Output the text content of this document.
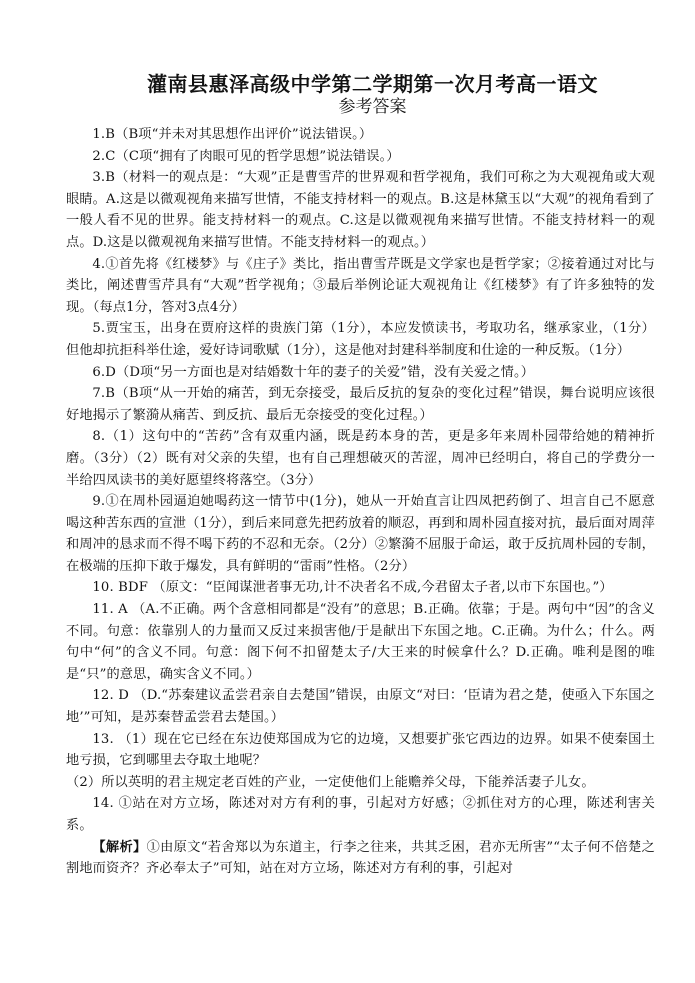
灌南县惠泽高级中学第二学期第一次月考高一语文
参考答案

1.B（B项“并未对其思想作出评价”说法错误。）

2.C（C项“拥有了肉眼可见的哲学思想”说法错误。）

3.B（材料一的观点是：“大观”正是曹雪芹的世界观和哲学视角，我们可称之为大观视角或大观眼睛。A.这是以微观视角来描写世情，不能支持材料一的观点。B.这是林黛玉以“大观”的视角看到了一般人看不见的世界。能支持材料一的观点。C.这是以微观视角来描写世情。不能支持材料一的观点。D.这是以微观视角来描写世情。不能支持材料一的观点。）

4.①首先将《红楼梦》与《庄子》类比，指出曹雪芹既是文学家也是哲学家；②接着通过对比与类比，阐述曹雪芹具有“大观”哲学视角；③最后举例论证大观视角让《红楼梦》有了许多独特的发现。（每点1分，答对3点4分）

5.贾宝玉，出身在贾府这样的贵族门第（1分），本应发愤读书，考取功名，继承家业，（1分）但他却抗拒科举仕途，爱好诗词歌赋（1分），这是他对封建科举制度和仕途的一种反叛。（1分）

6.D（D项“另一方面也是对结婚数十年的妻子的关爱”错，没有关爱之情。）

7.B（B项“从一开始的痛苦，到无奈接受，最后反抗的复杂的变化过程”错误，舞台说明应该很好地揭示了繁漪从痛苦、到反抗、最后无奈接受的变化过程。）

8.（1）这句中的“苦药”含有双重内涵，既是药本身的苦，更是多年来周朴园带给她的精神折磨。（3分）（2）既有对父亲的失望，也有自己理想破灭的苦涩，周冲已经明白，将自己的学费分一半给四凤读书的美好愿望终将落空。（3分）

9.①在周朴园逼迫她喝药这一情节中(1分)，她从一开始直言让四凤把药倒了、坦言自己不愿意喝这种苦东西的宣泄（1分），到后来同意先把药放着的顺忍，再到和周朴园直接对抗，最后面对周萍和周冲的恳求而不得不喝下药的不忍和无奈。（2分）②繁漪不屈服于命运，敢于反抗周朴园的专制，在极端的压抑下敢于爆发，具有鲜明的“雷雨”性格。（2分）

10. BDF （原文：“臣闻谋泄者事无功,计不决者名不成,今君留太子者,以市下东国也。”）

11. A （A.不正确。两个含意相同都是“没有”的意思；B.正确。依靠；于是。两句中“因”的含义不同。句意：依靠别人的力量而又反过来损害他/于是献出下东国之地。C.正确。为什么；什么。两句中“何”的含义不同。句意：阁下何不扣留楚太子/大王来的时候拿什么？D.正确。唯利是图的唯是“只”的意思，确实含义不同。）

12. D （D.“苏秦建议孟尝君亲自去楚国”错误，由原文“对曰：‘臣请为君之楚，使亟入下东国之地’”可知，是苏秦替孟尝君去楚国。）

13. （1）现在它已经在东边使郑国成为它的边境，又想要扩张它西边的边界。如果不使秦国土地亏损，它到哪里去夺取土地呢？

（2）所以英明的君主规定老百姓的产业，一定使他们上能赡养父母，下能养活妻子儿女。

14. ①站在对方立场，陈述对对方有利的事，引起对方好感；②抓住对方的心理，陈述利害关系。

【解析】①由原文“若舍郑以为东道主，行李之往来，共其乏困，君亦无所害”“太子何不倍楚之割地而资齐？齐必奉太子”可知，站在对方立场，陈述对方有利的事，引起对
